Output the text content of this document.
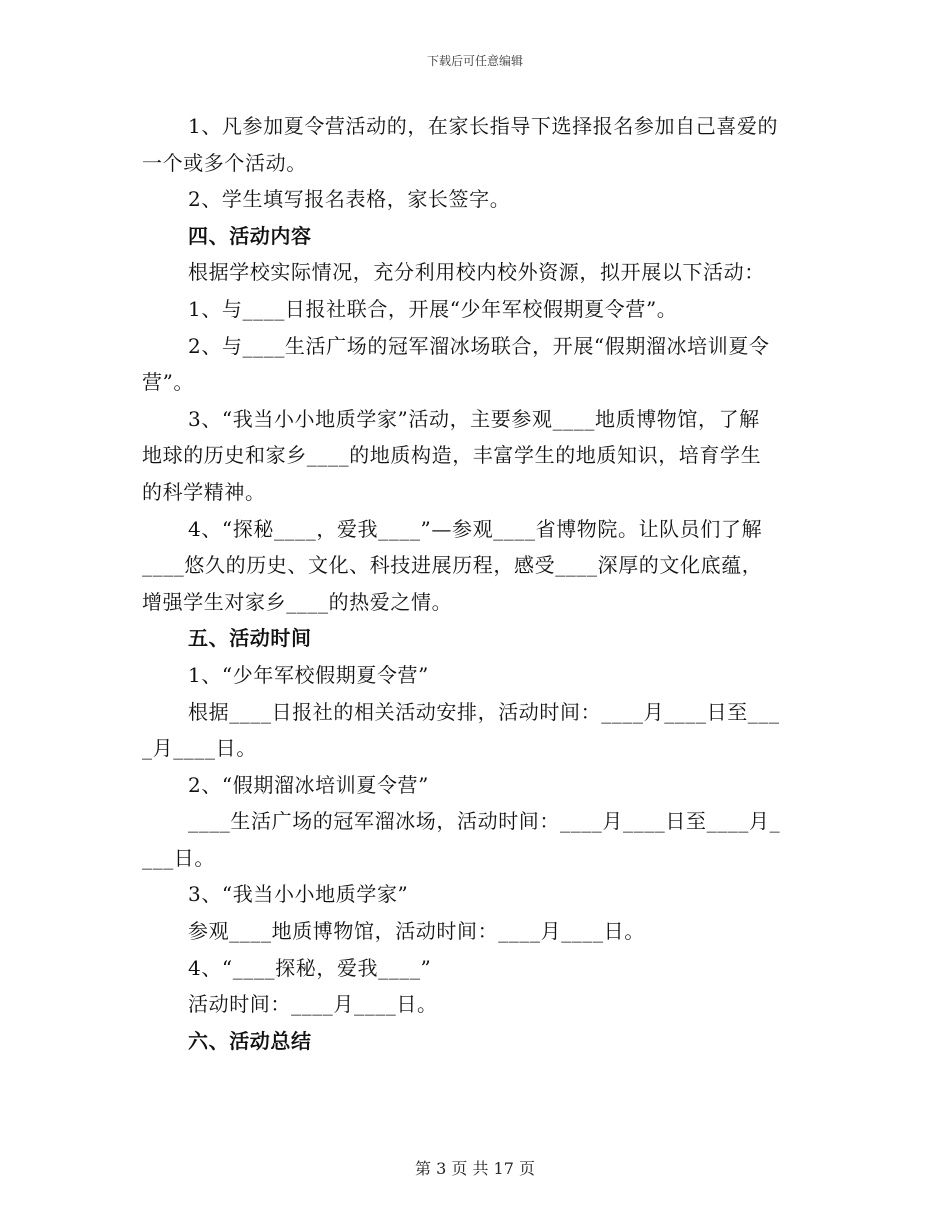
下载后可任意编辑
1、凡参加夏令营活动的，在家长指导下选择报名参加自己喜爱的
一个或多个活动。
2、学生填写报名表格，家长签字。
四、活动内容
根据学校实际情况，充分利用校内校外资源，拟开展以下活动：
1、与____日报社联合，开展“少年军校假期夏令营”。
2、与____生活广场的冠军溜冰场联合，开展“假期溜冰培训夏令
营”。
3、“我当小小地质学家”活动，主要参观____地质博物馆，了解
地球的历史和家乡____的地质构造，丰富学生的地质知识，培育学生
的科学精神。
4、“探秘____，爱我____”—参观____省博物院。让队员们了解
____悠久的历史、文化、科技进展历程，感受____深厚的文化底蕴，
增强学生对家乡____的热爱之情。
五、活动时间
1、“少年军校假期夏令营”
根据____日报社的相关活动安排，活动时间：____月____日至___
_月____日。
2、“假期溜冰培训夏令营”
____生活广场的冠军溜冰场，活动时间：____月____日至____月_
___日。
3、“我当小小地质学家”
参观____地质博物馆，活动时间：____月____日。
4、“____探秘，爱我____”
活动时间：____月____日。
六、活动总结
第 3 页 共 17 页
